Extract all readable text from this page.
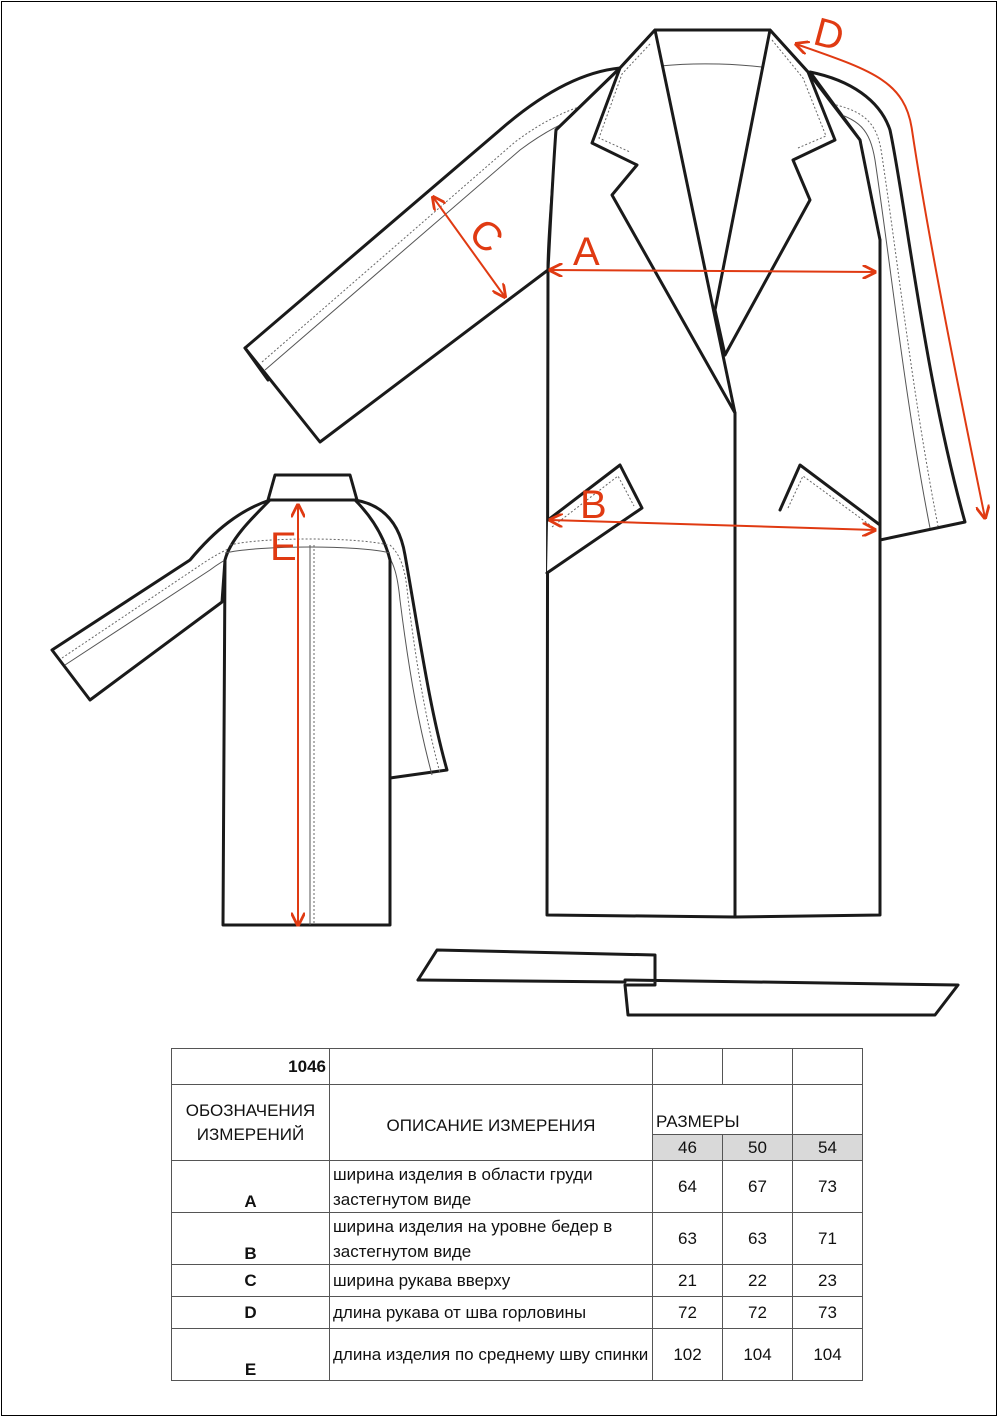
A
B
C
D
E
1046				
ОБОЗНАЧЕНИЯ ИЗМЕРЕНИЙ	ОПИСАНИЕ ИЗМЕРЕНИЯ	РАЗМЕРЫ		
		46	50	54
A	ширина изделия в области груди застегнутом виде	64	67	73
B	ширина изделия на уровне бедер в застегнутом виде	63	63	71
C	ширина рукава вверху	21	22	23
D	длина рукава от шва горловины	72	72	73
E	длина изделия по среднему шву спинки	102	104	104
